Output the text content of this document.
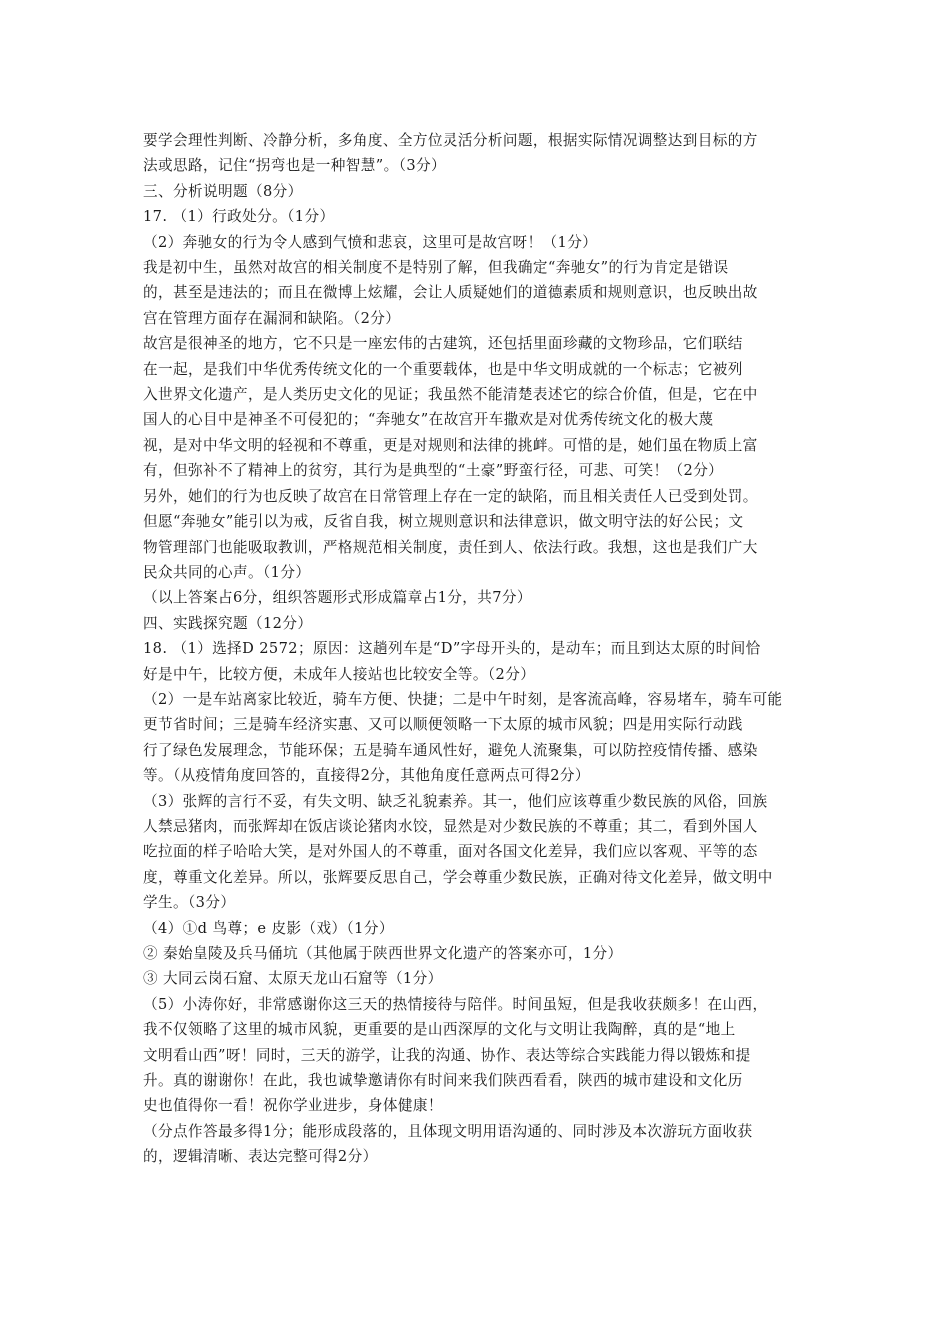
要学会理性判断、冷静分析，多角度、全方位灵活分析问题，根据实际情况调整达到目标的方
法或思路，记住“拐弯也是一种智慧”。（3分）
三、分析说明题（8分）
17. （1）行政处分。（1分）
（2）奔驰女的行为令人感到气愤和悲哀，这里可是故宫呀！（1分）
我是初中生，虽然对故宫的相关制度不是特别了解，但我确定“奔驰女”的行为肯定是错误
的，甚至是违法的；而且在微博上炫耀，会让人质疑她们的道德素质和规则意识，也反映出故
宫在管理方面存在漏洞和缺陷。（2分）
故宫是很神圣的地方，它不只是一座宏伟的古建筑，还包括里面珍藏的文物珍品，它们联结
在一起，是我们中华优秀传统文化的一个重要载体，也是中华文明成就的一个标志；它被列
入世界文化遗产，是人类历史文化的见证；我虽然不能清楚表述它的综合价值，但是，它在中
国人的心目中是神圣不可侵犯的；“奔驰女”在故宫开车撒欢是对优秀传统文化的极大蔑
视，是对中华文明的轻视和不尊重，更是对规则和法律的挑衅。可惜的是，她们虽在物质上富
有，但弥补不了精神上的贫穷，其行为是典型的“土豪”野蛮行径，可悲、可笑！（2分）
另外，她们的行为也反映了故宫在日常管理上存在一定的缺陷，而且相关责任人已受到处罚。
但愿“奔驰女”能引以为戒，反省自我，树立规则意识和法律意识，做文明守法的好公民；文
物管理部门也能吸取教训，严格规范相关制度，责任到人、依法行政。我想，这也是我们广大
民众共同的心声。（1分）
（以上答案占6分，组织答题形式形成篇章占1分，共7分）
四、实践探究题（12分）
18. （1）选择D 2572；原因：这趟列车是“D”字母开头的，是动车；而且到达太原的时间恰
好是中午，比较方便，未成年人接站也比较安全等。（2分）
（2）一是车站离家比较近，骑车方便、快捷；二是中午时刻，是客流高峰，容易堵车，骑车可能
更节省时间；三是骑车经济实惠、又可以顺便领略一下太原的城市风貌；四是用实际行动践
行了绿色发展理念，节能环保；五是骑车通风性好，避免人流聚集，可以防控疫情传播、感染
等。（从疫情角度回答的，直接得2分，其他角度任意两点可得2分）
（3）张辉的言行不妥，有失文明、缺乏礼貌素养。其一，他们应该尊重少数民族的风俗，回族
人禁忌猪肉，而张辉却在饭店谈论猪肉水饺，显然是对少数民族的不尊重；其二，看到外国人
吃拉面的样子哈哈大笑，是对外国人的不尊重，面对各国文化差异，我们应以客观、平等的态
度，尊重文化差异。所以，张辉要反思自己，学会尊重少数民族，正确对待文化差异，做文明中
学生。（3分）
（4）①d 鸟尊；e 皮影（戏）（1分）
② 秦始皇陵及兵马俑坑（其他属于陕西世界文化遗产的答案亦可，1分）
③ 大同云岗石窟、太原天龙山石窟等（1分）
（5）小涛你好，非常感谢你这三天的热情接待与陪伴。时间虽短，但是我收获颇多！在山西，
我不仅领略了这里的城市风貌，更重要的是山西深厚的文化与文明让我陶醉，真的是“地上
文明看山西”呀！同时，三天的游学，让我的沟通、协作、表达等综合实践能力得以锻炼和提
升。真的谢谢你！在此，我也诚挚邀请你有时间来我们陕西看看，陕西的城市建设和文化历
史也值得你一看！祝你学业进步，身体健康！
（分点作答最多得1分；能形成段落的，且体现文明用语沟通的、同时涉及本次游玩方面收获
的，逻辑清晰、表达完整可得2分）
